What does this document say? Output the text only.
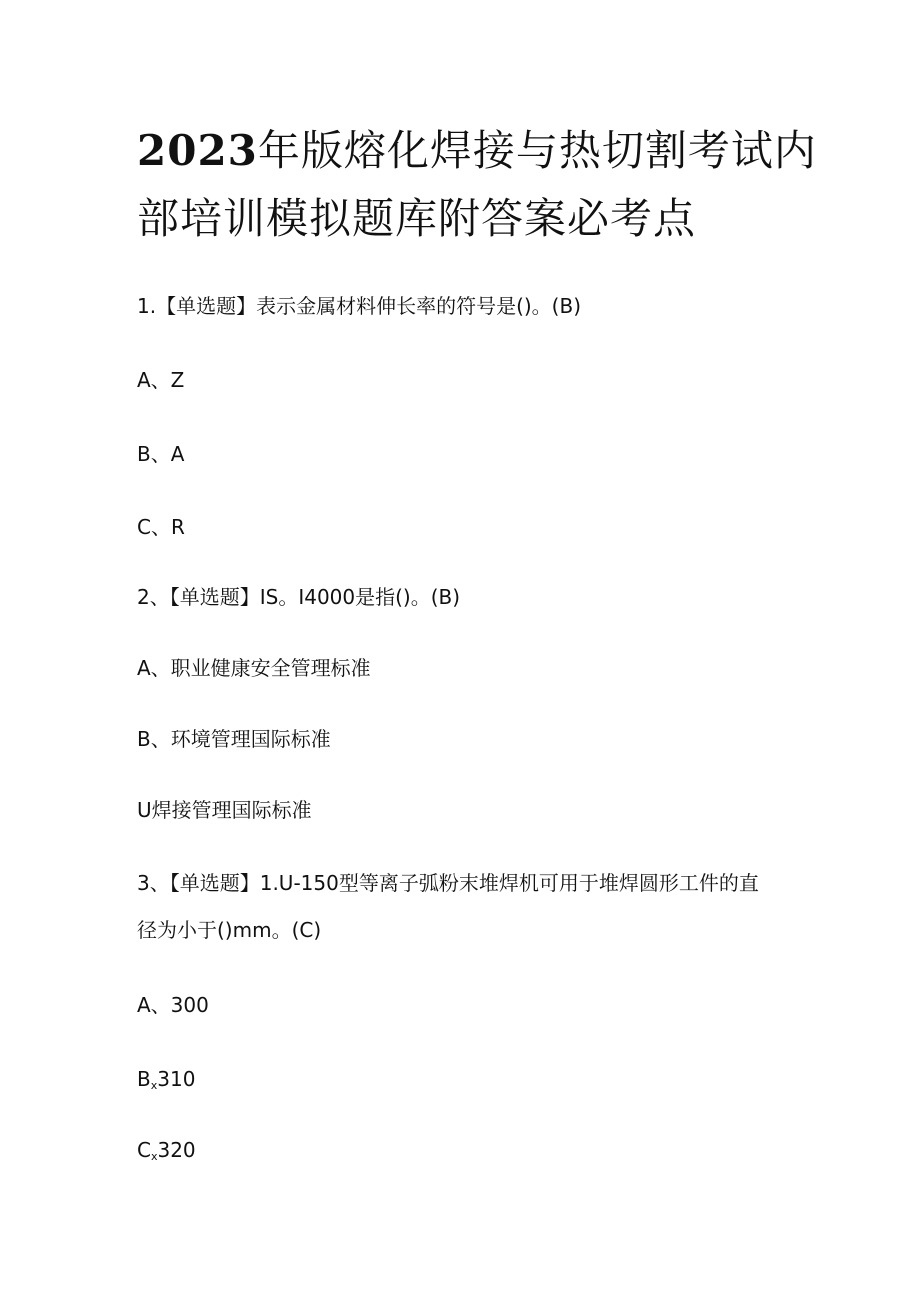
2023年版熔化焊接与热切割考试内
部培训模拟题库附答案必考点

1.【单选题】表示金属材料伸长率的符号是()。(B)

A、Z

B、A

C、R

2、【单选题】IS。I4000是指()。(B)

A、职业健康安全管理标准

B、环境管理国际标准

U焊接管理国际标准

3、【单选题】1.U-150型等离子弧粉末堆焊机可用于堆焊圆形工件的直

径为小于()mm。(C)

A、300

$B_x310$

$C_x320$
